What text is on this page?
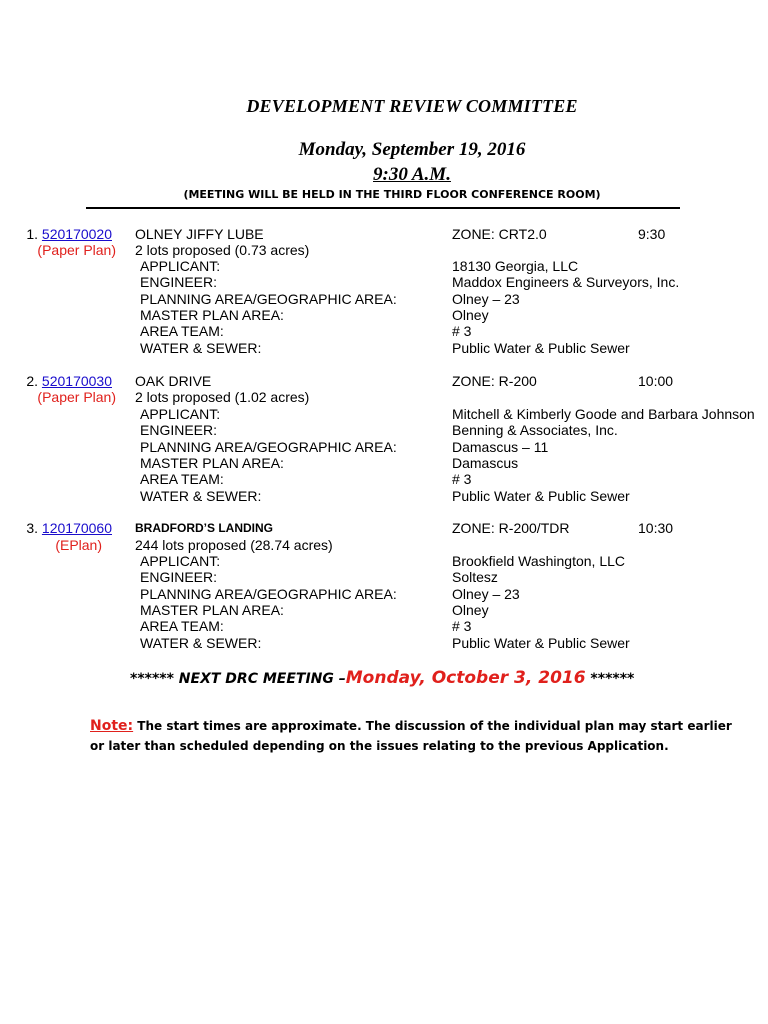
DEVELOPMENT REVIEW COMMITTEE
Monday, September 19, 2016
9:30 A.M.
(MEETING WILL BE HELD IN THE THIRD FLOOR CONFERENCE ROOM)
1. 520170020 OLNEY JIFFY LUBE	ZONE: CRT2.0	9:30
(Paper Plan) 2 lots proposed (0.73 acres)
APPLICANT:	18130 Georgia, LLC
ENGINEER:	Maddox Engineers & Surveyors, Inc.
PLANNING AREA/GEOGRAPHIC AREA:	Olney – 23
MASTER PLAN AREA:	Olney
AREA TEAM:	# 3
WATER & SEWER:	Public Water & Public Sewer
2. 520170030 OAK DRIVE	ZONE: R-200	10:00
(Paper Plan) 2 lots proposed (1.02 acres)
APPLICANT:	Mitchell & Kimberly Goode and Barbara Johnson
ENGINEER:	Benning & Associates, Inc.
PLANNING AREA/GEOGRAPHIC AREA:	Damascus – 11
MASTER PLAN AREA:	Damascus
AREA TEAM:	# 3
WATER & SEWER:	Public Water & Public Sewer
3. 120170060 BRADFORD’S LANDING	ZONE: R-200/TDR	10:30
(EPlan) 244 lots proposed (28.74 acres)
APPLICANT:	Brookfield Washington, LLC
ENGINEER:	Soltesz
PLANNING AREA/GEOGRAPHIC AREA:	Olney – 23
MASTER PLAN AREA:	Olney
AREA TEAM:	# 3
WATER & SEWER:	Public Water & Public Sewer
****** NEXT DRC MEETING –Monday, October 3, 2016 ******
Note: The start times are approximate. The discussion of the individual plan may start earlier or later than scheduled depending on the issues relating to the previous Application.
